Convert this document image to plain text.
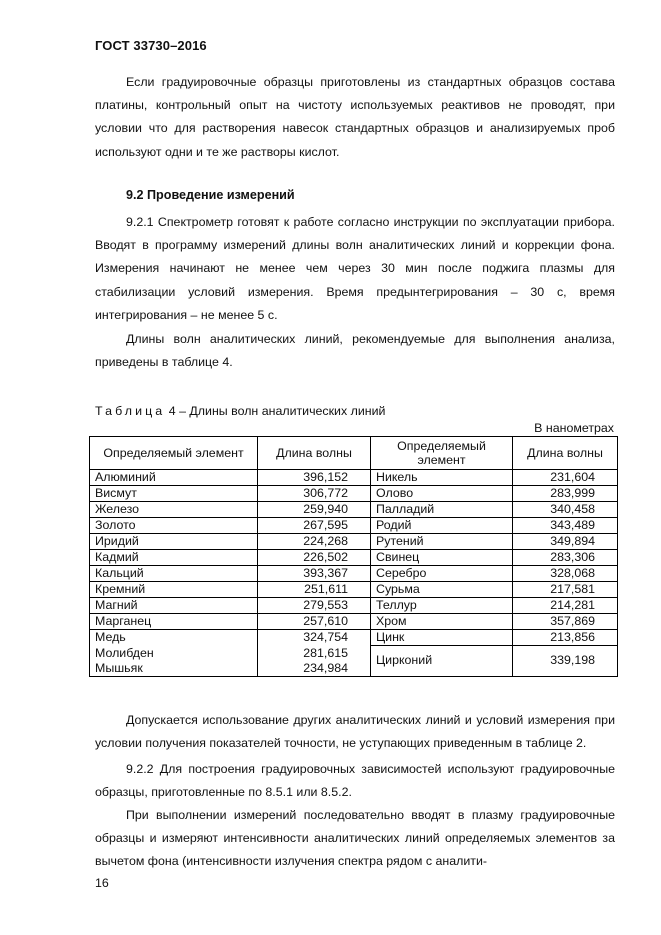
ГОСТ 33730–2016

Если градуировочные образцы приготовлены из стандартных образцов состава платины, контрольный опыт на чистоту используемых реактивов не проводят, при условии что для растворения навесок стандартных образцов и анализируемых проб используют одни и те же растворы кислот.

9.2 Проведение измерений

9.2.1 Спектрометр готовят к работе согласно инструкции по эксплуатации прибора. Вводят в программу измерений длины волн аналитических линий и коррекции фона. Измерения начинают не менее чем через 30 мин после поджига плазмы для стабилизации условий измерения. Время предынтегрирования – 30 с, время интегрирования – не менее 5 с.

Длины волн аналитических линий, рекомендуемые для выполнения анализа, приведены в таблице 4.

Таблица 4 – Длины волн аналитических линий
В нанометрах
Определяемый элемент	Длина волны	Определяемый элемент	Длина волны
Алюминий	396,152	Никель	231,604
Висмут	306,772	Олово	283,999
Железо	259,940	Палладий	340,458
Золото	267,595	Родий	343,489
Иридий	224,268	Рутений	349,894
Кадмий	226,502	Свинец	283,306
Кальций	393,367	Серебро	328,068
Кремний	251,611	Сурьма	217,581
Магний	279,553	Теллур	214,281
Марганец	257,610	Хром	357,869
Медь	324,754	Цинк	213,856
Молибден	281,615	Цирконий	339,198
Мышьяк	234,984		

Допускается использование других аналитических линий и условий измерения при условии получения показателей точности, не уступающих приведенным в таблице 2.

9.2.2 Для построения градуировочных зависимостей используют градуировочные образцы, приготовленные по 8.5.1 или 8.5.2.

При выполнении измерений последовательно вводят в плазму градуировочные образцы и измеряют интенсивности аналитических линий определяемых элементов за вычетом фона (интенсивности излучения спектра рядом с аналити-

16
